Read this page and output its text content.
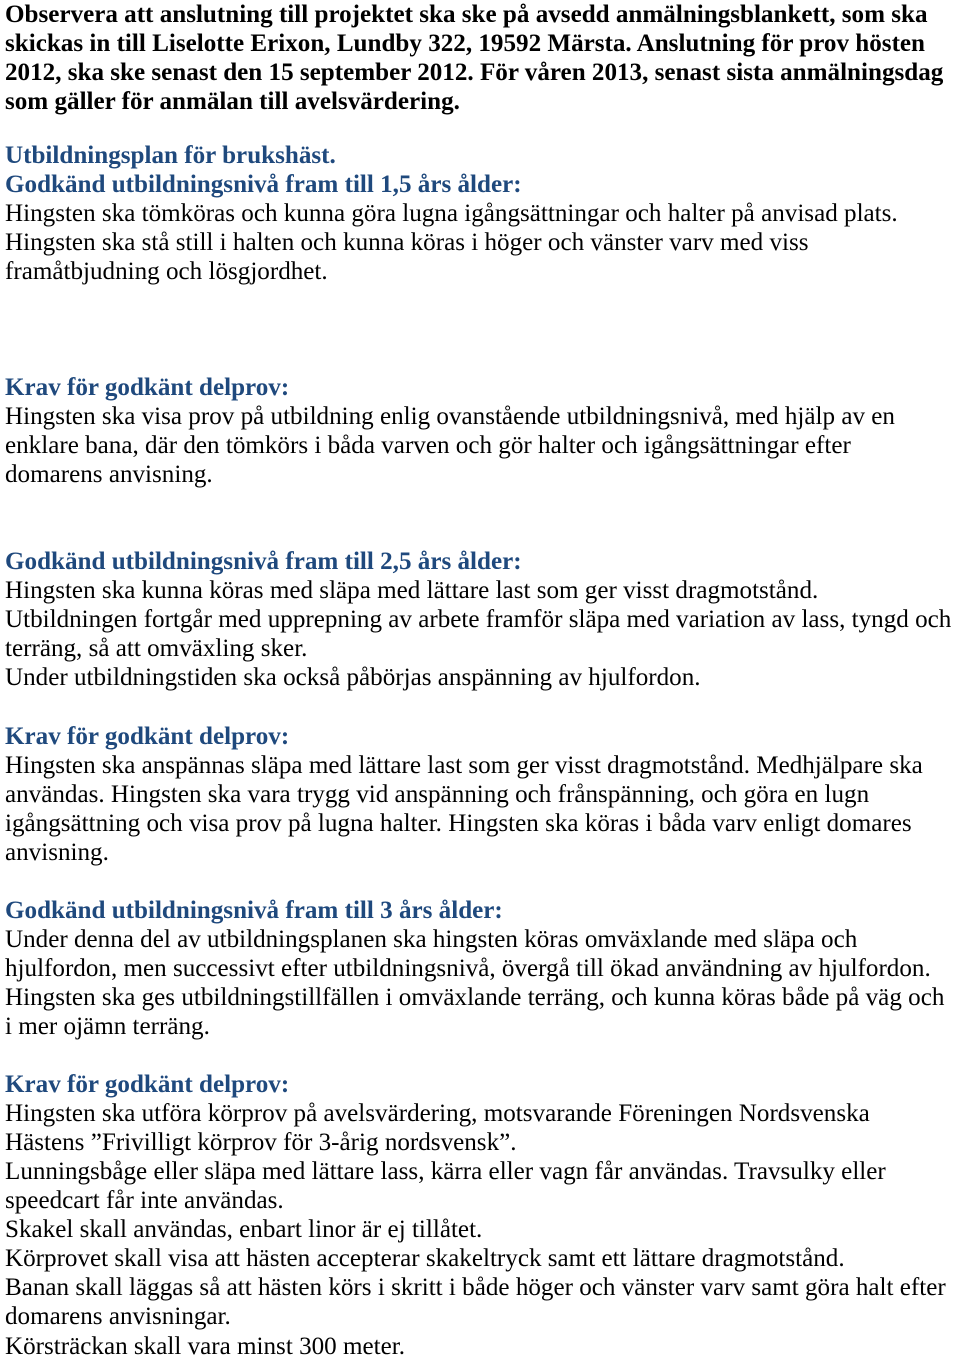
Observera att anslutning till projektet ska ske på avsedd anmälningsblankett, som ska
skickas in till Liselotte Erixon, Lundby 322, 19592 Märsta. Anslutning för prov hösten
2012, ska ske senast den 15 september 2012. För våren 2013, senast sista anmälningsdag
som gäller för anmälan till avelsvärdering.
Utbildningsplan för brukshäst.
Godkänd utbildningsnivå fram till 1,5 års ålder:
Hingsten ska tömköras och kunna göra lugna igångsättningar och halter på anvisad plats.
Hingsten ska stå still i halten och kunna köras i höger och vänster varv med viss
framåtbjudning och lösgjordhet.
Krav för godkänt delprov:
Hingsten ska visa prov på utbildning enlig ovanstående utbildningsnivå, med hjälp av en
enklare bana, där den tömkörs i båda varven och gör halter och igångsättningar efter
domarens anvisning.
Godkänd utbildningsnivå fram till 2,5 års ålder:
Hingsten ska kunna köras med släpa med lättare last som ger visst dragmotstånd.
Utbildningen fortgår med upprepning av arbete framför släpa med variation av lass, tyngd och
terräng, så att omväxling sker.
Under utbildningstiden ska också påbörjas anspänning av hjulfordon.
Krav för godkänt delprov:
Hingsten ska anspännas släpa med lättare last som ger visst dragmotstånd. Medhjälpare ska
användas. Hingsten ska vara trygg vid anspänning och frånspänning, och göra en lugn
igångsättning och visa prov på lugna halter. Hingsten ska köras i båda varv enligt domares
anvisning.
Godkänd utbildningsnivå fram till 3 års ålder:
Under denna del av utbildningsplanen ska hingsten köras omväxlande med släpa och
hjulfordon, men successivt efter utbildningsnivå, övergå till ökad användning av hjulfordon.
Hingsten ska ges utbildningstillfällen i omväxlande terräng, och kunna köras både på väg och
i mer ojämn terräng.
Krav för godkänt delprov:
Hingsten ska utföra körprov på avelsvärdering, motsvarande Föreningen Nordsvenska
Hästens ”Frivilligt körprov för 3-årig nordsvensk”.
Lunningsbåge eller släpa med lättare lass, kärra eller vagn får användas. Travsulky eller
speedcart får inte användas.
Skakel skall användas, enbart linor är ej tillåtet.
Körprovet skall visa att hästen accepterar skakeltryck samt ett lättare dragmotstånd.
Banan skall läggas så att hästen körs i skritt i både höger och vänster varv samt göra halt efter
domarens anvisningar.
Körsträckan skall vara minst 300 meter.
